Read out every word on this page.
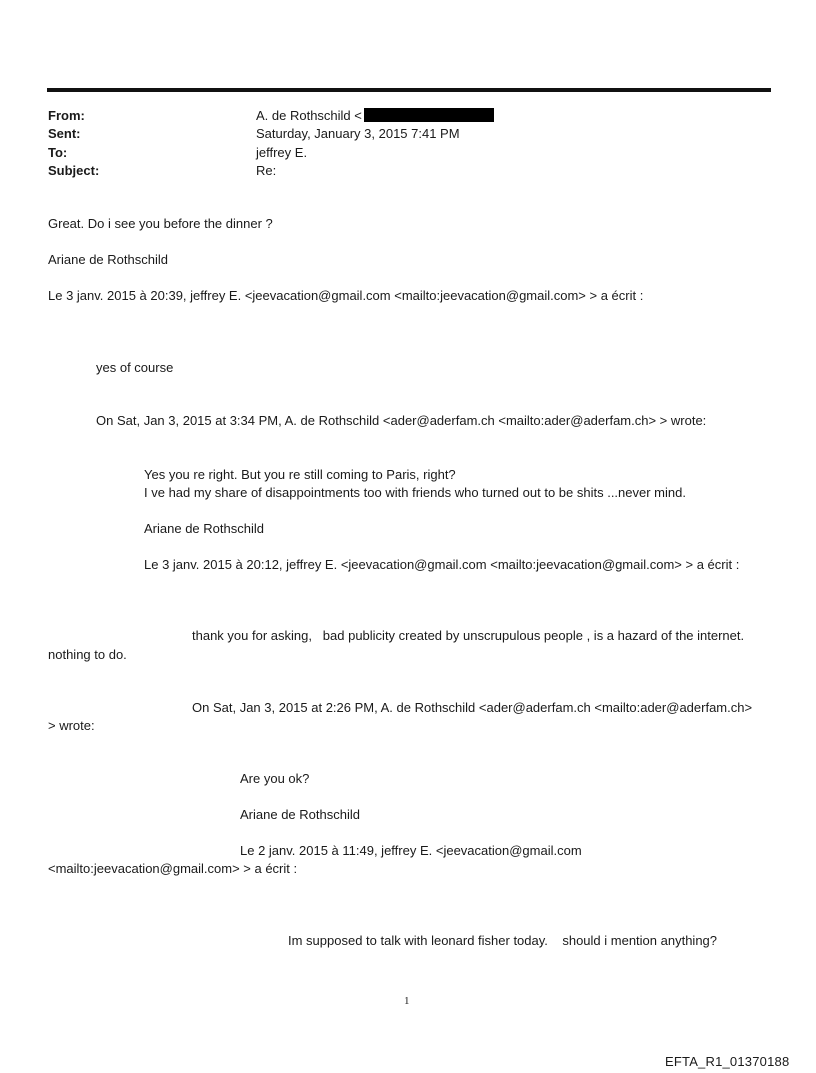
From:	A. de Rothschild <
Sent:	Saturday, January 3, 2015 7:41 PM
To:	jeffrey E.
Subject:	Re:
Great. Do i see you before the dinner ?
Ariane de Rothschild
Le 3 janv. 2015 à 20:39, jeffrey E. <jeevacation@gmail.com <mailto:jeevacation@gmail.com> > a écrit :
yes of course
On Sat, Jan 3, 2015 at 3:34 PM, A. de Rothschild <ader@aderfam.ch <mailto:ader@aderfam.ch> > wrote:
Yes you re right. But you re still coming to Paris, right?
I ve had my share of disappointments too with friends who turned out to be shits ...never mind.
Ariane de Rothschild
Le 3 janv. 2015 à 20:12, jeffrey E. <jeevacation@gmail.com <mailto:jeevacation@gmail.com> > a écrit :
thank you for asking,   bad publicity created by unscrupulous people , is a hazard of the internet.
nothing to do.
On Sat, Jan 3, 2015 at 2:26 PM, A. de Rothschild <ader@aderfam.ch <mailto:ader@aderfam.ch>
> wrote:
Are you ok?
Ariane de Rothschild
Le 2 janv. 2015 à 11:49, jeffrey E. <jeevacation@gmail.com
<mailto:jeevacation@gmail.com> > a écrit :
Im supposed to talk with leonard fisher today.    should i mention anything?
1
EFTA_R1_01370188
